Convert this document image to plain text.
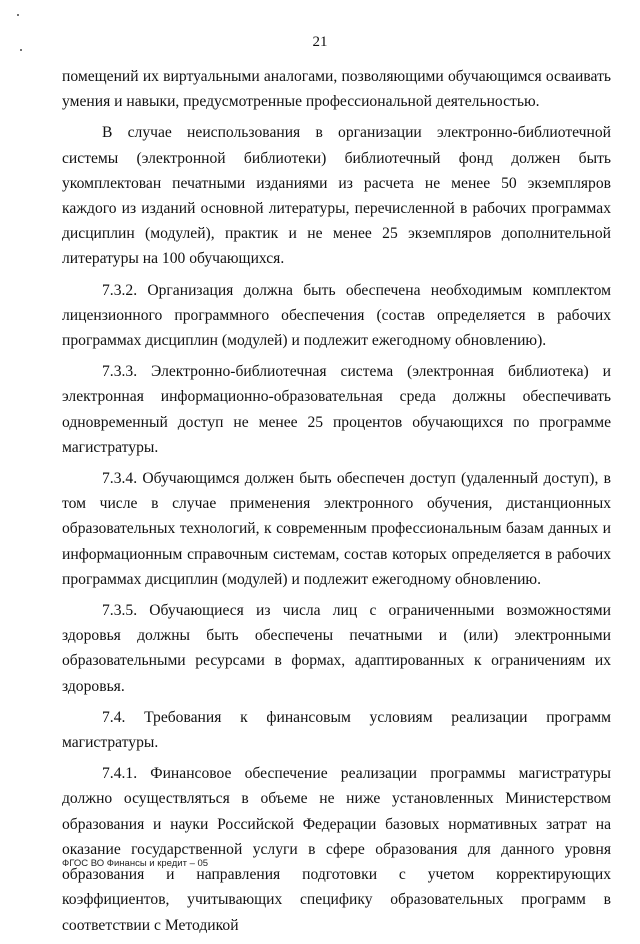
21

помещений их виртуальными аналогами, позволяющими обучающимся осваивать умения и навыки, предусмотренные профессиональной деятельностью.

В случае неиспользования в организации электронно-библиотечной системы (электронной библиотеки) библиотечный фонд должен быть укомплектован печатными изданиями из расчета не менее 50 экземпляров каждого из изданий основной литературы, перечисленной в рабочих программах дисциплин (модулей), практик и не менее 25 экземпляров дополнительной литературы на 100 обучающихся.

7.3.2. Организация должна быть обеспечена необходимым комплектом лицензионного программного обеспечения (состав определяется в рабочих программах дисциплин (модулей) и подлежит ежегодному обновлению).

7.3.3. Электронно-библиотечная система (электронная библиотека) и электронная информационно-образовательная среда должны обеспечивать одновременный доступ не менее 25 процентов обучающихся по программе магистратуры.

7.3.4. Обучающимся должен быть обеспечен доступ (удаленный доступ), в том числе в случае применения электронного обучения, дистанционных образовательных технологий, к современным профессиональным базам данных и информационным справочным системам, состав которых определяется в рабочих программах дисциплин (модулей) и подлежит ежегодному обновлению.

7.3.5. Обучающиеся из числа лиц с ограниченными возможностями здоровья должны быть обеспечены печатными и (или) электронными образовательными ресурсами в формах, адаптированных к ограничениям их здоровья.

7.4. Требования к финансовым условиям реализации программ магистратуры.

7.4.1. Финансовое обеспечение реализации программы магистратуры должно осуществляться в объеме не ниже установленных Министерством образования и науки Российской Федерации базовых нормативных затрат на оказание государственной услуги в сфере образования для данного уровня образования и направления подготовки с учетом корректирующих коэффициентов, учитывающих специфику образовательных программ в соответствии с Методикой

ФГОС ВО Финансы и кредит – 05
